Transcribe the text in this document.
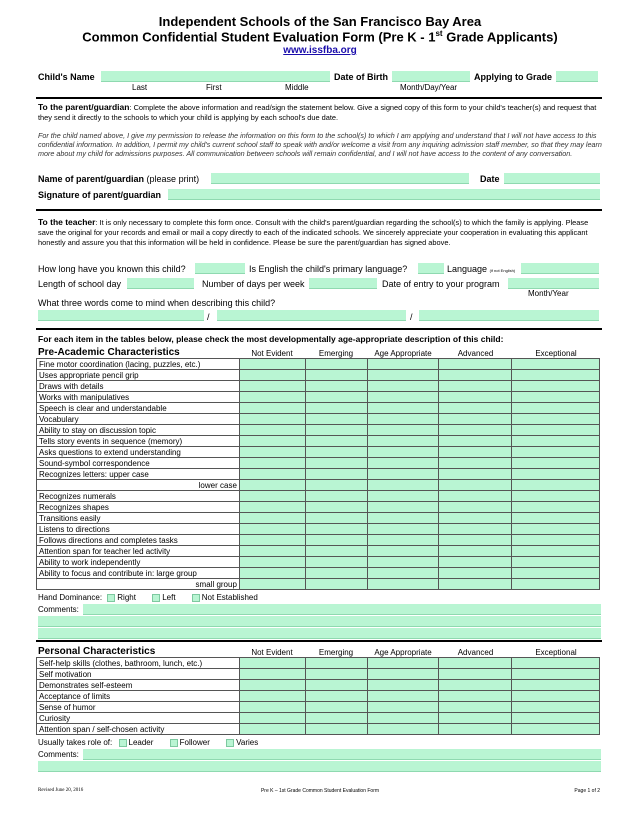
Independent Schools of the San Francisco Bay Area
Common Confidential Student Evaluation Form (Pre K - 1st Grade Applicants)
www.issfba.org
Child's Name
Last	First	Middle
Date of Birth
Month/Day/Year
Applying to Grade
To the parent/guardian: Complete the above information and read/sign the statement below. Give a signed copy of this form to your child's teacher(s) and request that they send it directly to the schools to which your child is applying by each school's due date.
For the child named above, I give my permission to release the information on this form to the school(s) to which I am applying and understand that I will not have access to this confidential information. In addition, I permit my child's current school staff to speak with and/or welcome a visit from any inquiring admission staff member, so that they may learn more about my child for admissions purposes. All communication between schools will remain confidential, and I will not have access to the content of any conversation.
Name of parent/guardian (please print)	Date
Signature of parent/guardian
To the teacher: It is only necessary to complete this form once. Consult with the child's parent/guardian regarding the school(s) to which the family is applying. Please save the original for your records and email or mail a copy directly to each of the indicated schools. We sincerely appreciate your cooperation in evaluating this applicant honestly and assure you that this information will be held in confidence. Please be sure the parent/guardian has signed above.
How long have you known this child?	Is English the child's primary language?	Language (if not English)
Length of school day	Number of days per week	Date of entry to your program
Month/Year
What three words come to mind when describing this child?
/	/
For each item in the tables below, please check the most developmentally age-appropriate description of this child:
Pre-Academic Characteristics	Not Evident	Emerging	Age Appropriate	Advanced	Exceptional
Fine motor coordination (lacing, puzzles, etc.)					
Uses appropriate pencil grip					
Draws with details					
Works with manipulatives					
Speech is clear and understandable					
Vocabulary					
Ability to stay on discussion topic					
Tells story events in sequence (memory)					
Asks questions to extend understanding					
Sound-symbol correspondence					
Recognizes letters: upper case					
lower case					
Recognizes numerals					
Recognizes shapes					
Transitions easily					
Listens to directions					
Follows directions and completes tasks					
Attention span for teacher led activity					
Ability to work independently					
Ability to focus and contribute in: large group					
small group					
Hand Dominance: Right	Left	Not Established
Comments:
Personal Characteristics	Not Evident	Emerging	Age Appropriate	Advanced	Exceptional
Self-help skills (clothes, bathroom, lunch, etc.)					
Self motivation					
Demonstrates self-esteem					
Acceptance of limits					
Sense of humor					
Curiosity					
Attention span / self-chosen activity					
Usually takes role of: Leader	Follower	Varies
Comments:
Revised June 20, 2016	Pre K – 1st Grade Common Student Evaluation Form	Page 1 of 2
